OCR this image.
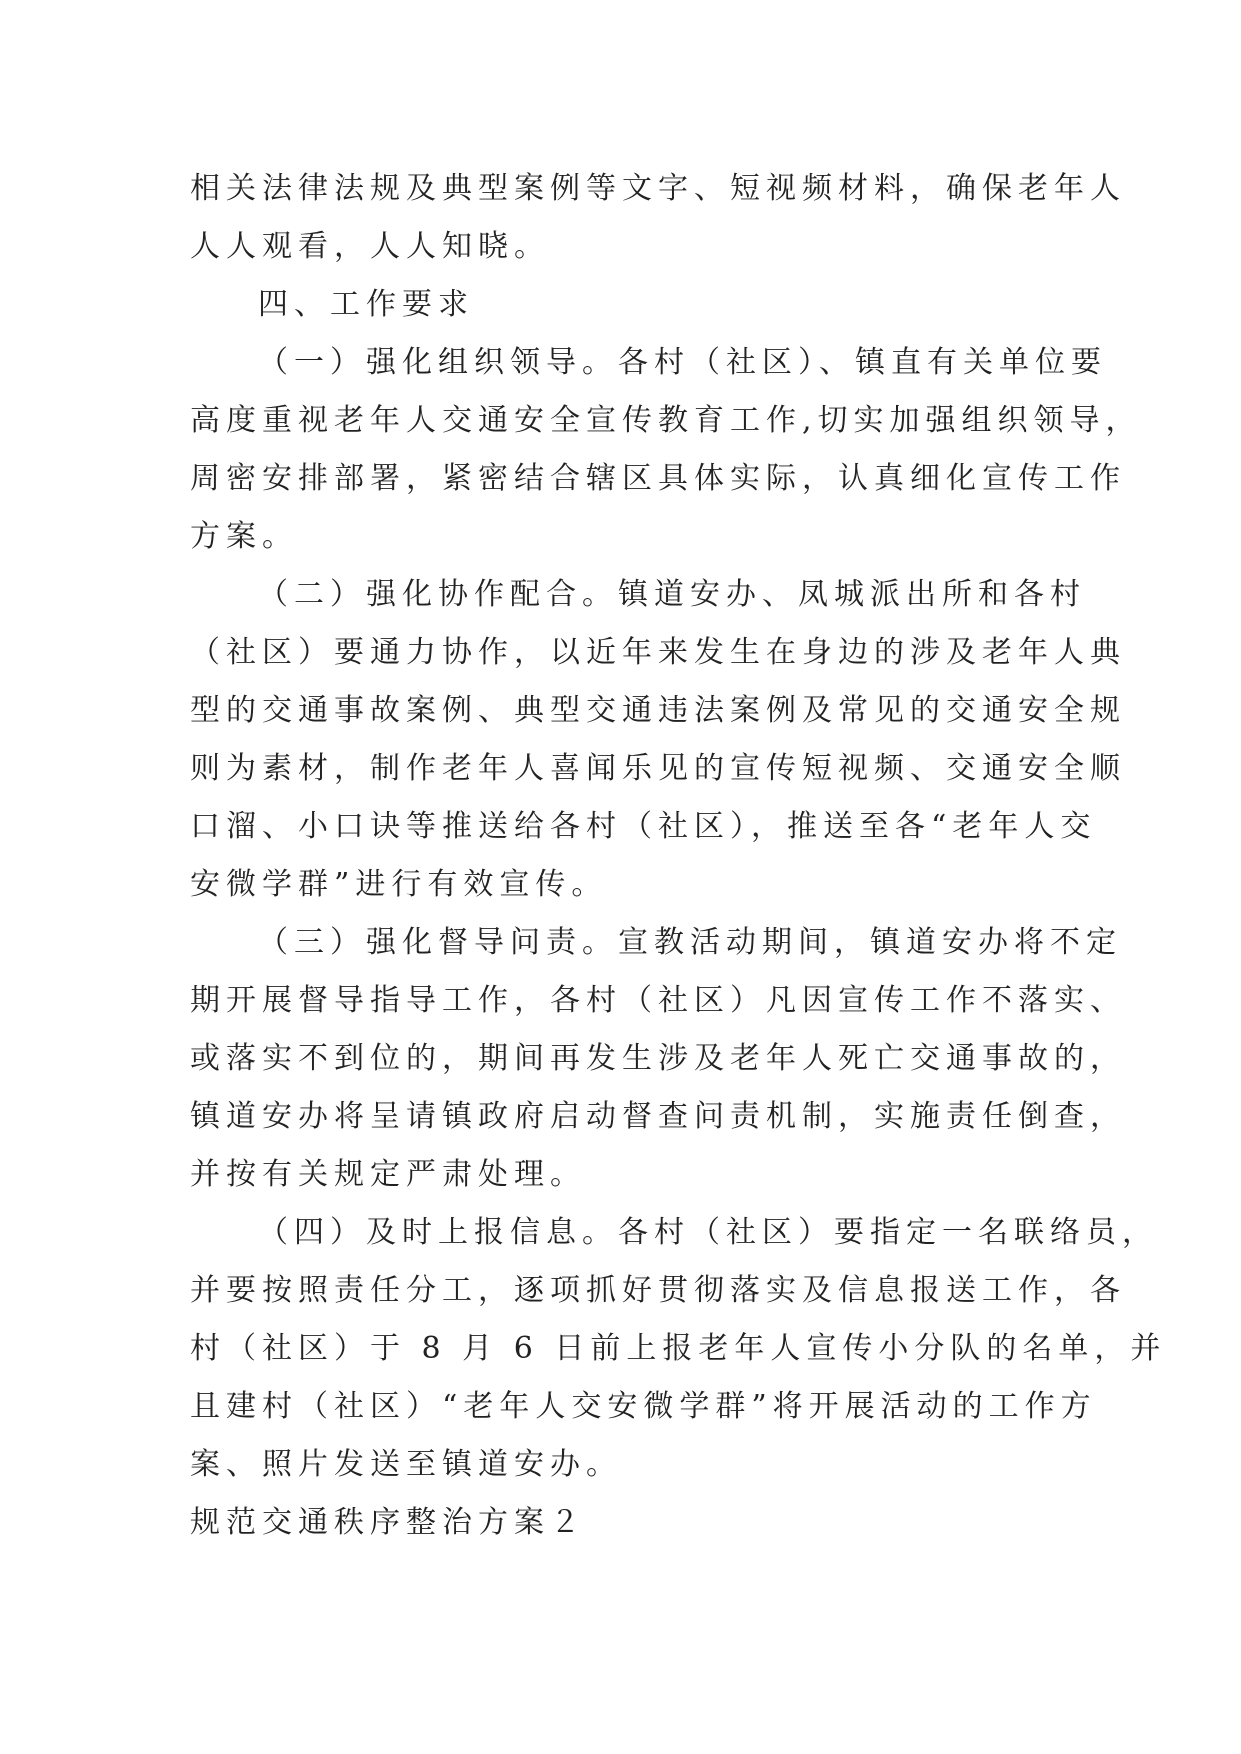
相关法律法规及典型案例等文字、短视频材料，确保老年人
人人观看，人人知晓。
四、工作要求
（一）强化组织领导。各村（社区）、镇直有关单位要
高度重视老年人交通安全宣传教育工作,切实加强组织领导，
周密安排部署，紧密结合辖区具体实际，认真细化宣传工作
方案。
（二）强化协作配合。镇道安办、凤城派出所和各村
（社区）要通力协作，以近年来发生在身边的涉及老年人典
型的交通事故案例、典型交通违法案例及常见的交通安全规
则为素材，制作老年人喜闻乐见的宣传短视频、交通安全顺
口溜、小口诀等推送给各村（社区），推送至各“老年人交
安微学群”进行有效宣传。
（三）强化督导问责。宣教活动期间，镇道安办将不定
期开展督导指导工作，各村（社区）凡因宣传工作不落实、
或落实不到位的，期间再发生涉及老年人死亡交通事故的，
镇道安办将呈请镇政府启动督查问责机制，实施责任倒查，
并按有关规定严肃处理。
（四）及时上报信息。各村（社区）要指定一名联络员，
并要按照责任分工，逐项抓好贯彻落实及信息报送工作，各
村（社区）于 8 月 6 日前上报老年人宣传小分队的名单，并
且建村（社区）“老年人交安微学群”将开展活动的工作方
案、照片发送至镇道安办。
规范交通秩序整治方案２
